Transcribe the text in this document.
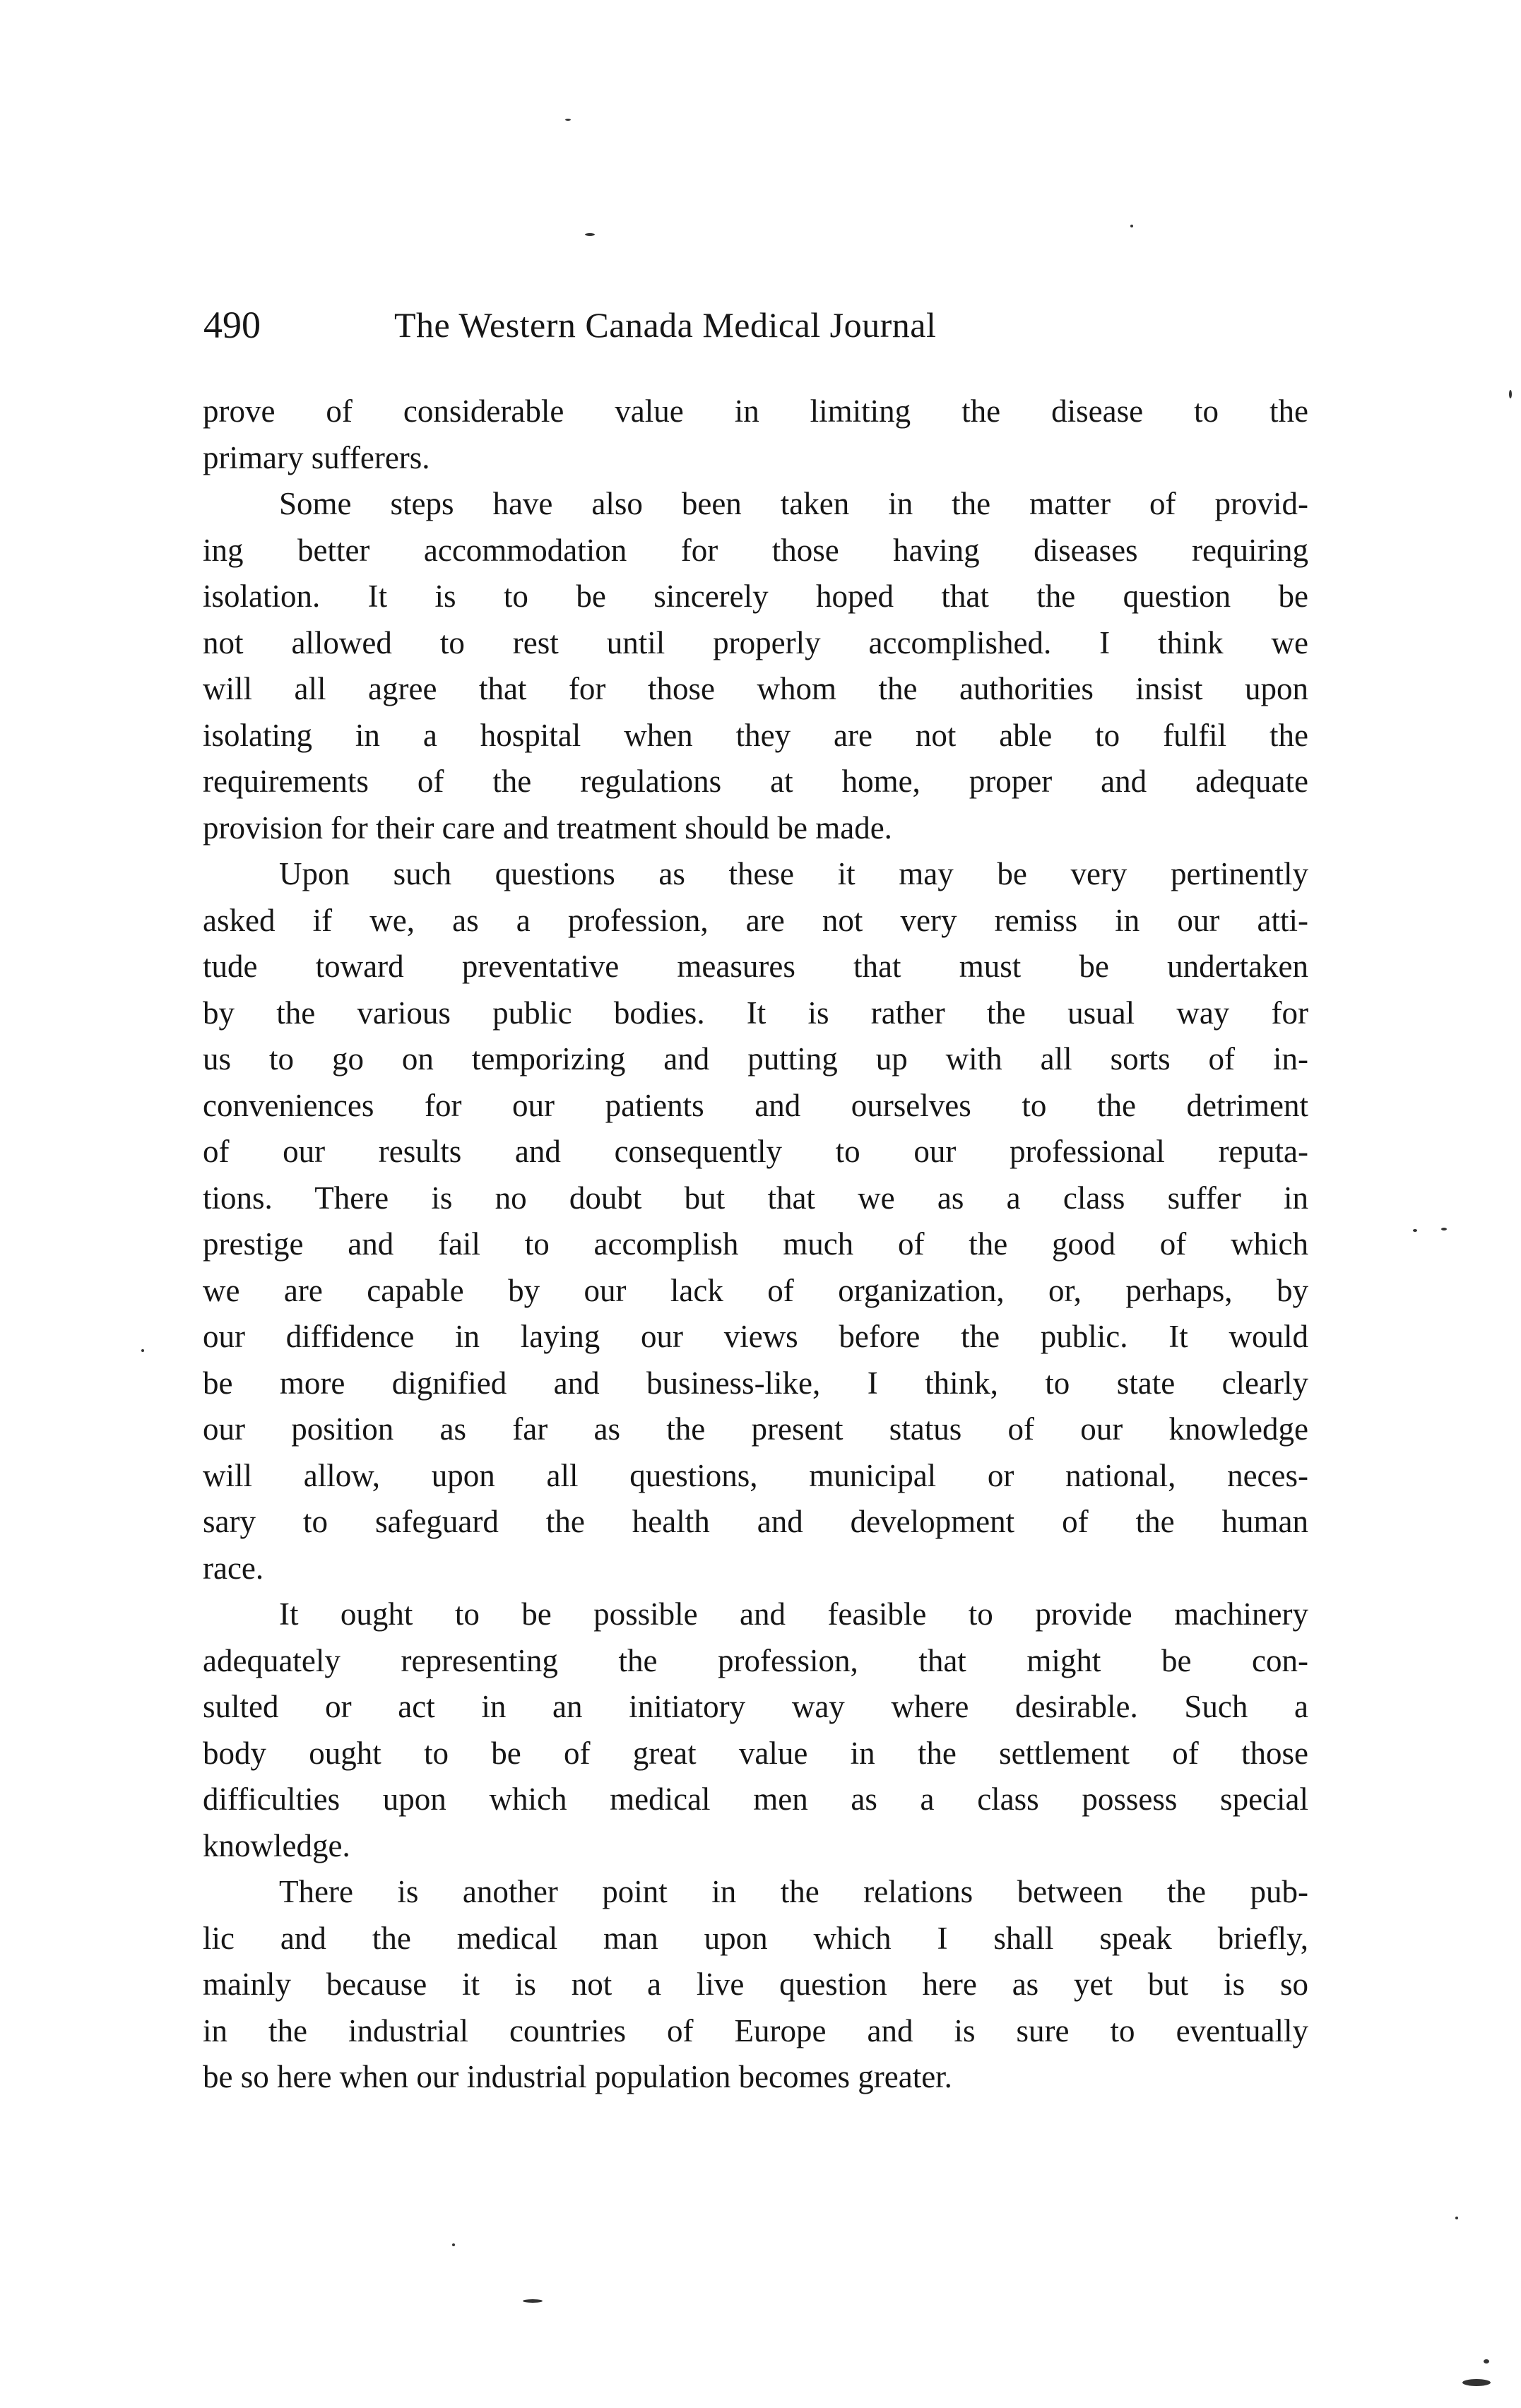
490	The Western Canada Medical Journal

prove of considerable value in limiting the disease to the
primary sufferers.

Some steps have also been taken in the matter of provid-
ing better accommodation for those having diseases requiring
isolation. It is to be sincerely hoped that the question be
not allowed to rest until properly accomplished. I think we
will all agree that for those whom the authorities insist upon
isolating in a hospital when they are not able to fulfil the
requirements of the regulations at home, proper and adequate
provision for their care and treatment should be made.

Upon such questions as these it may be very pertinently
asked if we, as a profession, are not very remiss in our atti-
tude toward preventative measures that must be undertaken
by the various public bodies. It is rather the usual way for
us to go on temporizing and putting up with all sorts of in-
conveniences for our patients and ourselves to the detriment
of our results and consequently to our professional reputa-
tions. There is no doubt but that we as a class suffer in
prestige and fail to accomplish much of the good of which
we are capable by our lack of organization, or, perhaps, by
our diffidence in laying our views before the public. It would
be more dignified and business-like, I think, to state clearly
our position as far as the present status of our knowledge
will allow, upon all questions, municipal or national, neces-
sary to safeguard the health and development of the human
race.

It ought to be possible and feasible to provide machinery
adequately representing the profession, that might be con-
sulted or act in an initiatory way where desirable. Such a
body ought to be of great value in the settlement of those
difficulties upon which medical men as a class possess special
knowledge.

There is another point in the relations between the pub-
lic and the medical man upon which I shall speak briefly,
mainly because it is not a live question here as yet but is so
in the industrial countries of Europe and is sure to eventually
be so here when our industrial population becomes greater.
